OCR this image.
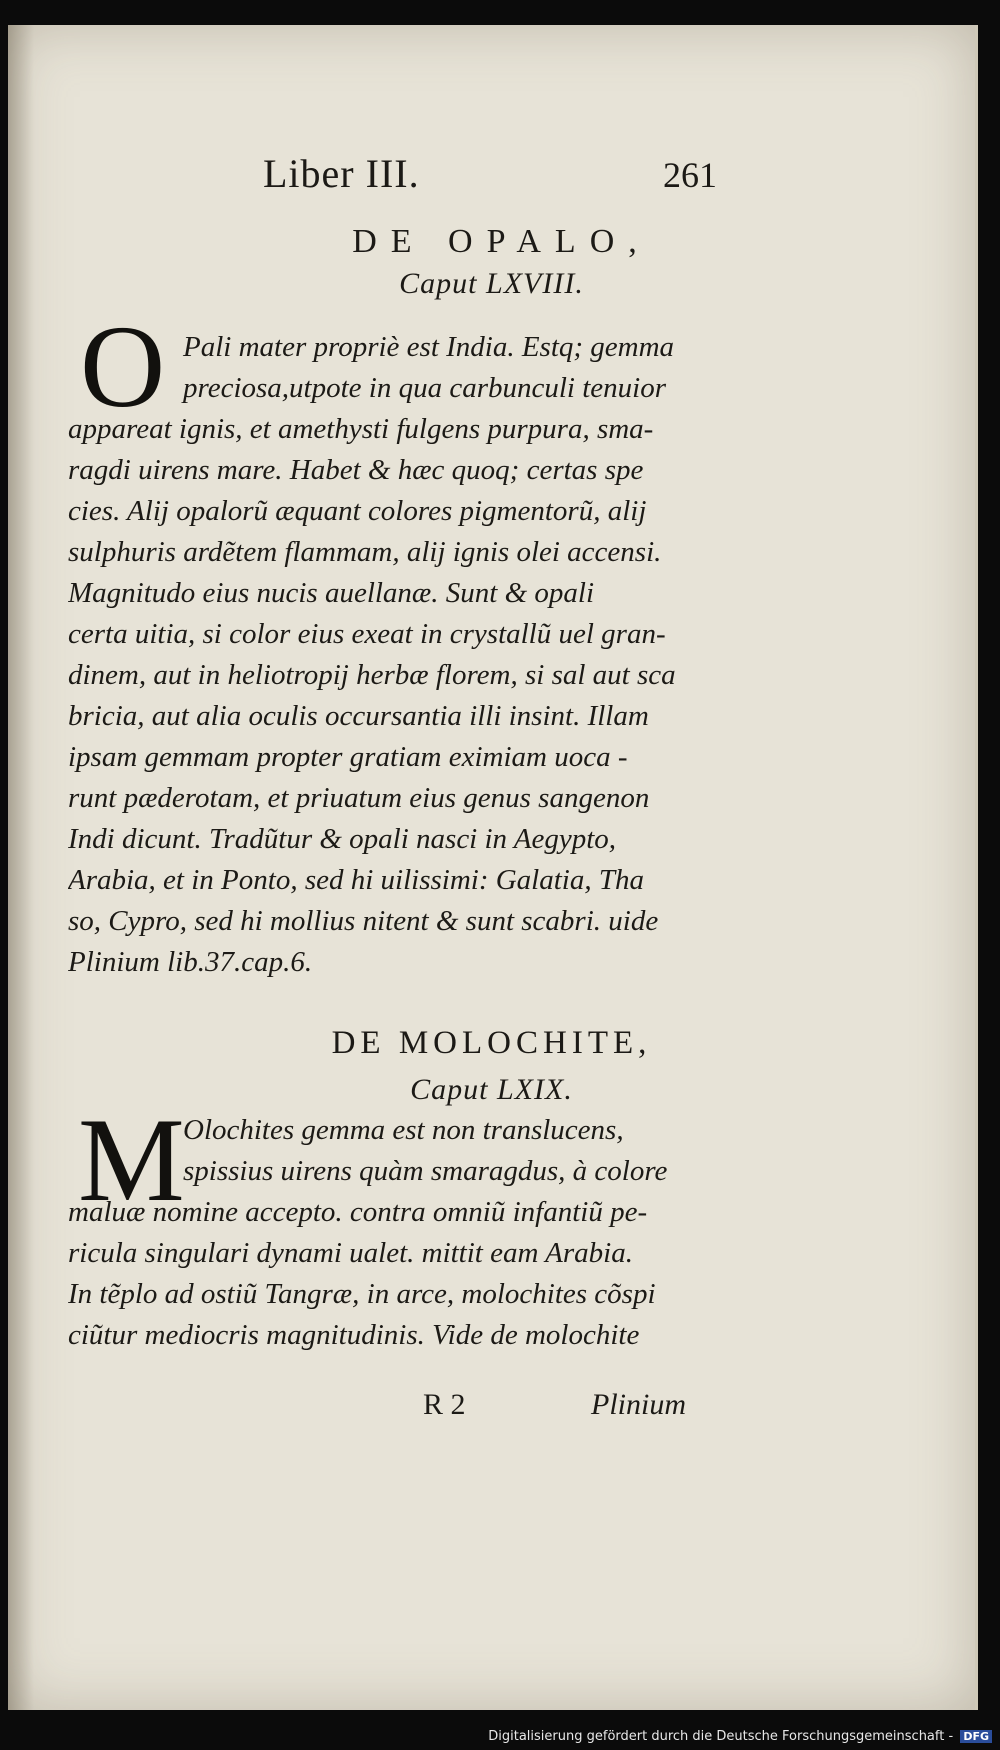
Liber III.	261
DE OPALO,
Caput LXVIII.
O Pali mater propriè est India. Estq; gemma
preciosa,utpote in qua carbunculi tenuior
appareat ignis, et amethysti fulgens purpura, sma-
ragdi uirens mare. Habet & hæc quoq; certas spe
cies. Alij opalorũ æquant colores pigmentorũ, alij
sulphuris ardẽtem flammam, alij ignis olei accensi.
Magnitudo eius nucis auellanæ. Sunt & opali
certa uitia, si color eius exeat in crystallũ uel gran-
dinem, aut in heliotropij herbæ florem, si sal aut sca
bricia, aut alia oculis occursantia illi insint. Illam
ipsam gemmam propter gratiam eximiam uoca -
runt pæderotam, et priuatum eius genus sangenon
Indi dicunt. Tradũtur & opali nasci in Aegypto,
Arabia, et in Ponto, sed hi uilissimi: Galatia, Tha
so, Cypro, sed hi mollius nitent & sunt scabri. uide
Plinium lib.37.cap.6.
DE MOLOCHITE,
Caput LXIX.
M
Olochites gemma est non translucens,
spissius uirens quàm smaragdus, à colore
maluæ nomine accepto. contra omniũ infantiũ pe-
ricula singulari dynami ualet. mittit eam Arabia.
In tẽplo ad ostiũ Tangræ, in arce, molochites cõspi
ciũtur mediocris magnitudinis. Vide de molochite
R 2	Plinium
Digitalisierung gefördert durch die Deutsche Forschungsgemeinschaft - DFG
